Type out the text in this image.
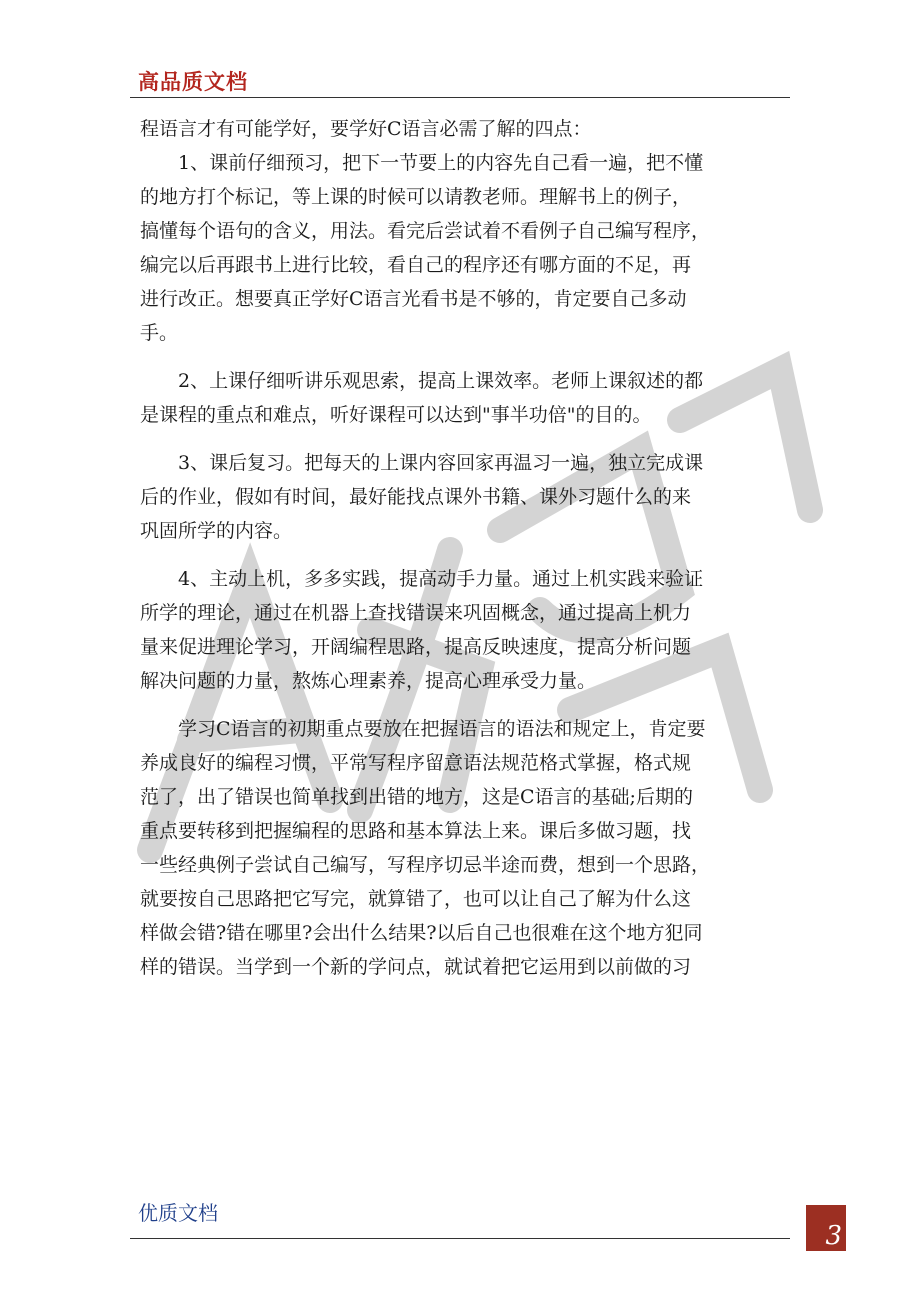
高品质文档

程语言才有可能学好，要学好C语言必需了解的四点：

1、课前仔细预习，把下一节要上的内容先自己看一遍，把不懂

的地方打个标记，等上课的时候可以请教老师。理解书上的例子，

搞懂每个语句的含义，用法。看完后尝试着不看例子自己编写程序，

编完以后再跟书上进行比较，看自己的程序还有哪方面的不足，再

进行改正。想要真正学好C语言光看书是不够的，肯定要自己多动

手。

2、上课仔细听讲乐观思索，提高上课效率。老师上课叙述的都

是课程的重点和难点，听好课程可以达到"事半功倍"的目的。

3、课后复习。把每天的上课内容回家再温习一遍，独立完成课

后的作业，假如有时间，最好能找点课外书籍、课外习题什么的来

巩固所学的内容。

4、主动上机，多多实践，提高动手力量。通过上机实践来验证

所学的理论，通过在机器上查找错误来巩固概念，通过提高上机力

量来促进理论学习，开阔编程思路，提高反映速度，提高分析问题

解决问题的力量，熬炼心理素养，提高心理承受力量。

学习C语言的初期重点要放在把握语言的语法和规定上，肯定要

养成良好的编程习惯，平常写程序留意语法规范格式掌握，格式规

范了，出了错误也简单找到出错的地方，这是C语言的基础;后期的

重点要转移到把握编程的思路和基本算法上来。课后多做习题，找

一些经典例子尝试自己编写，写程序切忌半途而费，想到一个思路，

就要按自己思路把它写完，就算错了，也可以让自己了解为什么这

样做会错?错在哪里?会出什么结果?以后自己也很难在这个地方犯同

样的错误。当学到一个新的学问点，就试着把它运用到以前做的习

优质文档
3
